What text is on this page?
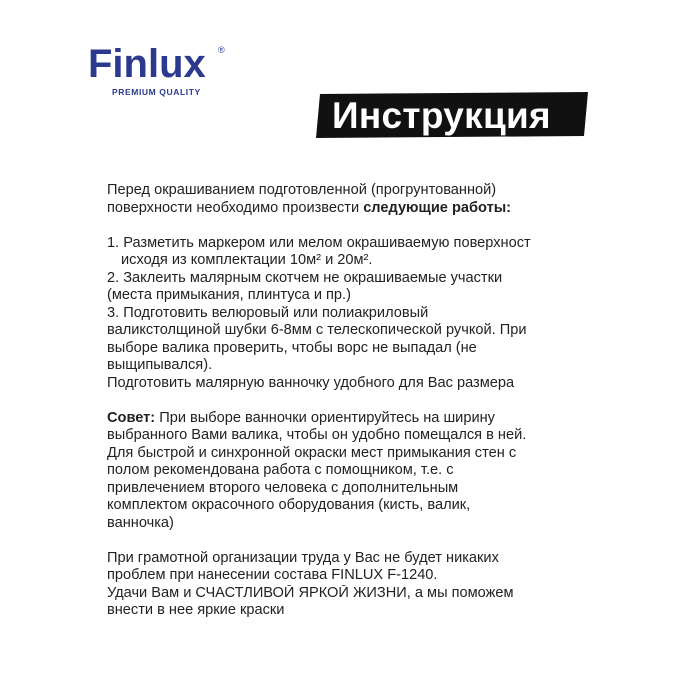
Finlux ®
PREMIUM QUALITY
Инструкция

Перед окрашиванием подготовленной (прогрунтованной)
поверхности необходимо произвести следующие работы:

1. Разметить маркером или мелом окрашиваемую поверхност
исходя из комплектации 10м² и 20м².
2. Заклеить малярным скотчем не окрашиваемые участки
(места примыкания, плинтуса и пр.)
3. Подготовить велюровый или полиакриловый
валикстолщиной шубки 6-8мм с телескопической ручкой. При
выборе валика проверить, чтобы ворс не выпадал (не
выщипывался).
Подготовить малярную ванночку удобного для Вас размера

Совет: При выборе ванночки ориентируйтесь на ширину
выбранного Вами валика, чтобы он удобно помещался в ней.
Для быстрой и синхронной окраски мест примыкания стен с
полом рекомендована работа с помощником, т.е. с
привлечением второго человека с дополнительным
комплектом окрасочного оборудования (кисть, валик,
ванночка)

При грамотной организации труда у Вас не будет никаких
проблем при нанесении состава FINLUX F-1240.
Удачи Вам и СЧАСТЛИВОЙ ЯРКОЙ ЖИЗНИ, а мы поможем
внести в нее яркие краски
